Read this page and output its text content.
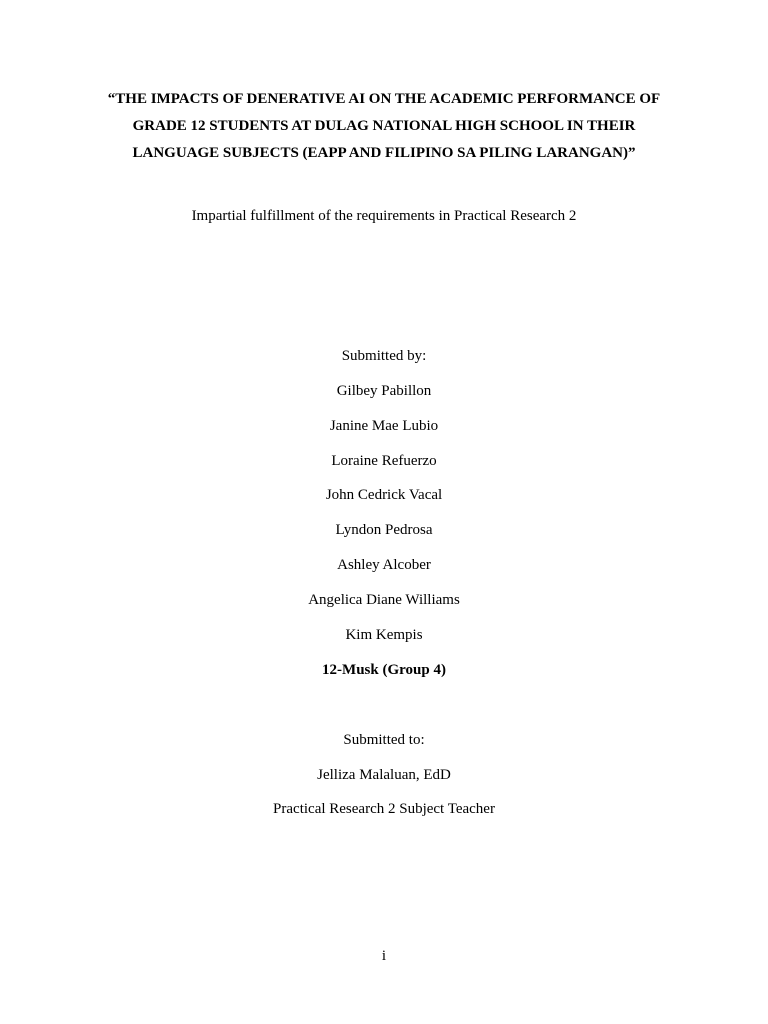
“THE IMPACTS OF DENERATIVE AI ON THE ACADEMIC PERFORMANCE OF
GRADE 12 STUDENTS AT DULAG NATIONAL HIGH SCHOOL IN THEIR
LANGUAGE SUBJECTS (EAPP AND FILIPINO SA PILING LARANGAN)”
Impartial fulfillment of the requirements in Practical Research 2
Submitted by:
Gilbey Pabillon
Janine Mae Lubio
Loraine Refuerzo
John Cedrick Vacal
Lyndon Pedrosa
Ashley Alcober
Angelica Diane Williams
Kim Kempis
12-Musk (Group 4)
Submitted to:
Jelliza Malaluan, EdD
Practical Research 2 Subject Teacher
i
